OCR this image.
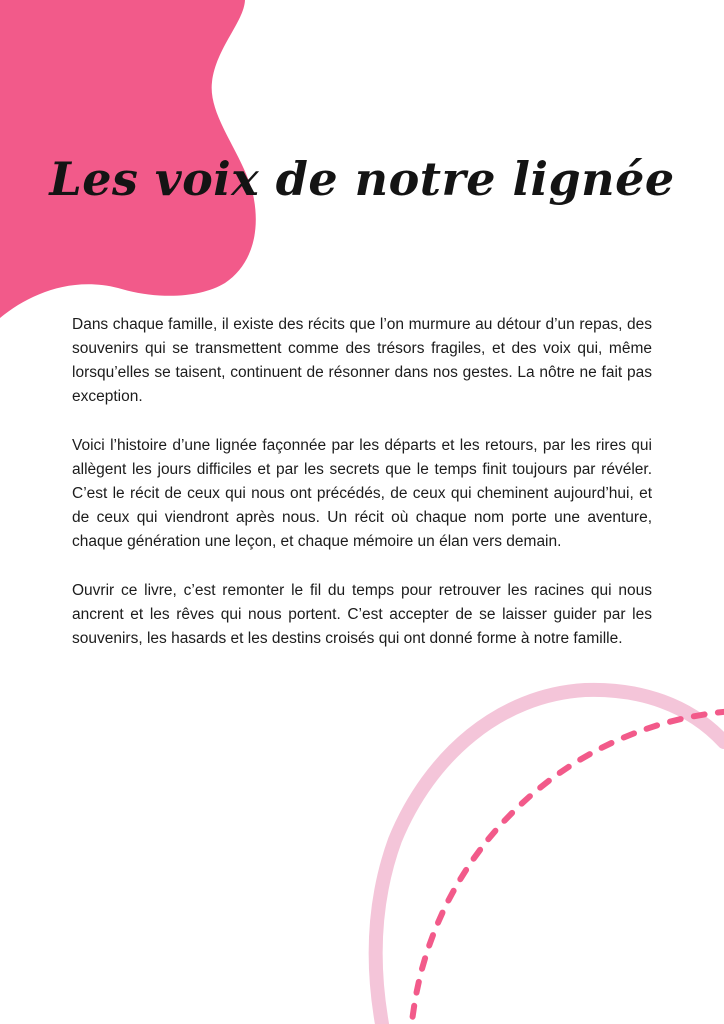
Les voix de notre lignée

Dans chaque famille, il existe des récits que l’on murmure au détour d’un repas, des souvenirs qui se transmettent comme des trésors fragiles, et des voix qui, même lorsqu’elles se taisent, continuent de résonner dans nos gestes. La nôtre ne fait pas exception.

Voici l’histoire d’une lignée façonnée par les départs et les retours, par les rires qui allègent les jours difficiles et par les secrets que le temps finit toujours par révéler. C’est le récit de ceux qui nous ont précédés, de ceux qui cheminent aujourd’hui, et de ceux qui viendront après nous. Un récit où chaque nom porte une aventure, chaque génération une leçon, et chaque mémoire un élan vers demain.

Ouvrir ce livre, c’est remonter le fil du temps pour retrouver les racines qui nous ancrent et les rêves qui nous portent. C’est accepter de se laisser guider par les souvenirs, les hasards et les destins croisés qui ont donné forme à notre famille.
